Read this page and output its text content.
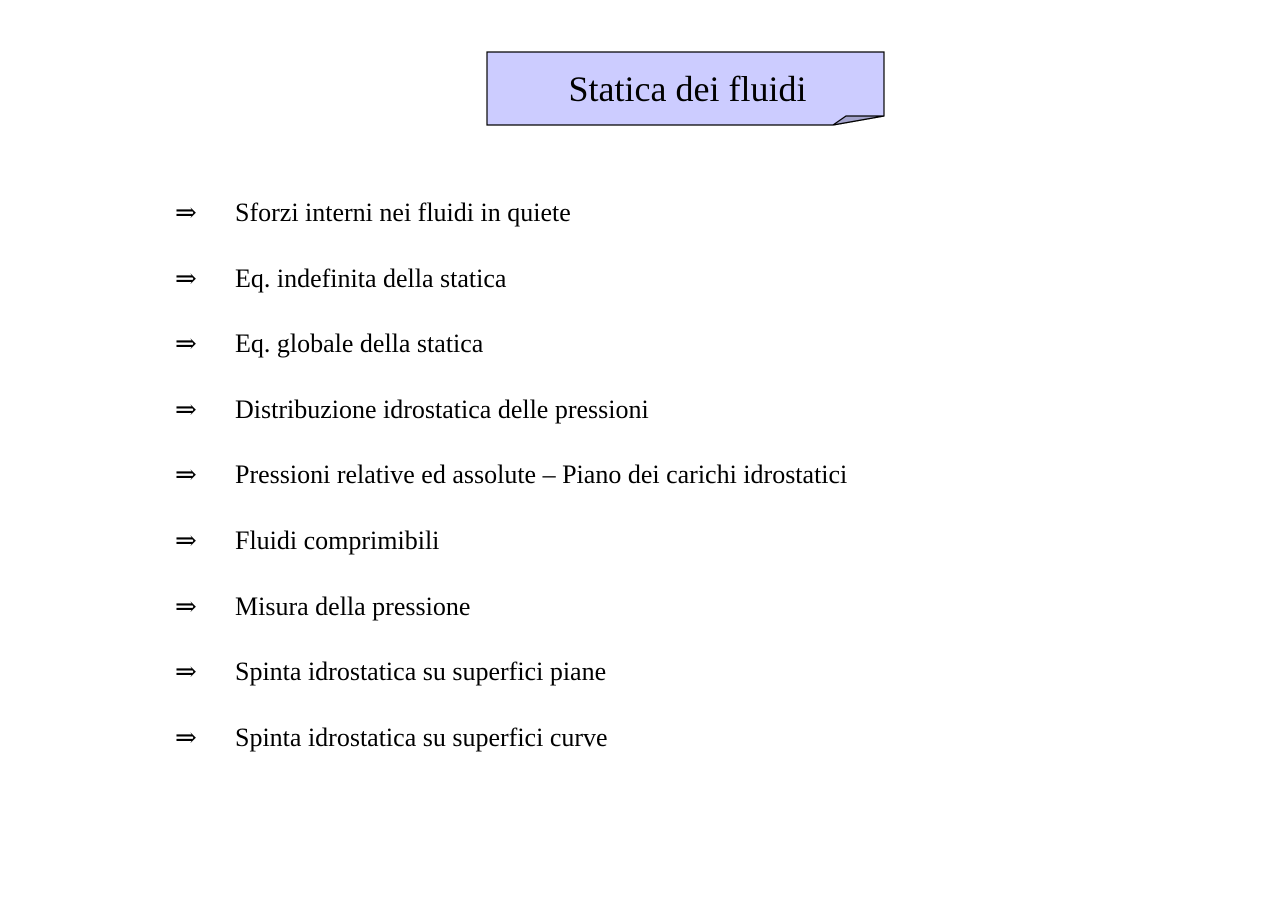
Statica dei fluidi
⇒	Sforzi interni nei fluidi in quiete
⇒	Eq. indefinita della statica
⇒	Eq. globale della statica
⇒	Distribuzione idrostatica delle pressioni
⇒	Pressioni relative ed assolute – Piano dei carichi idrostatici
⇒	Fluidi comprimibili
⇒	Misura della pressione
⇒	Spinta idrostatica su superfici piane
⇒	Spinta idrostatica su superfici curve
